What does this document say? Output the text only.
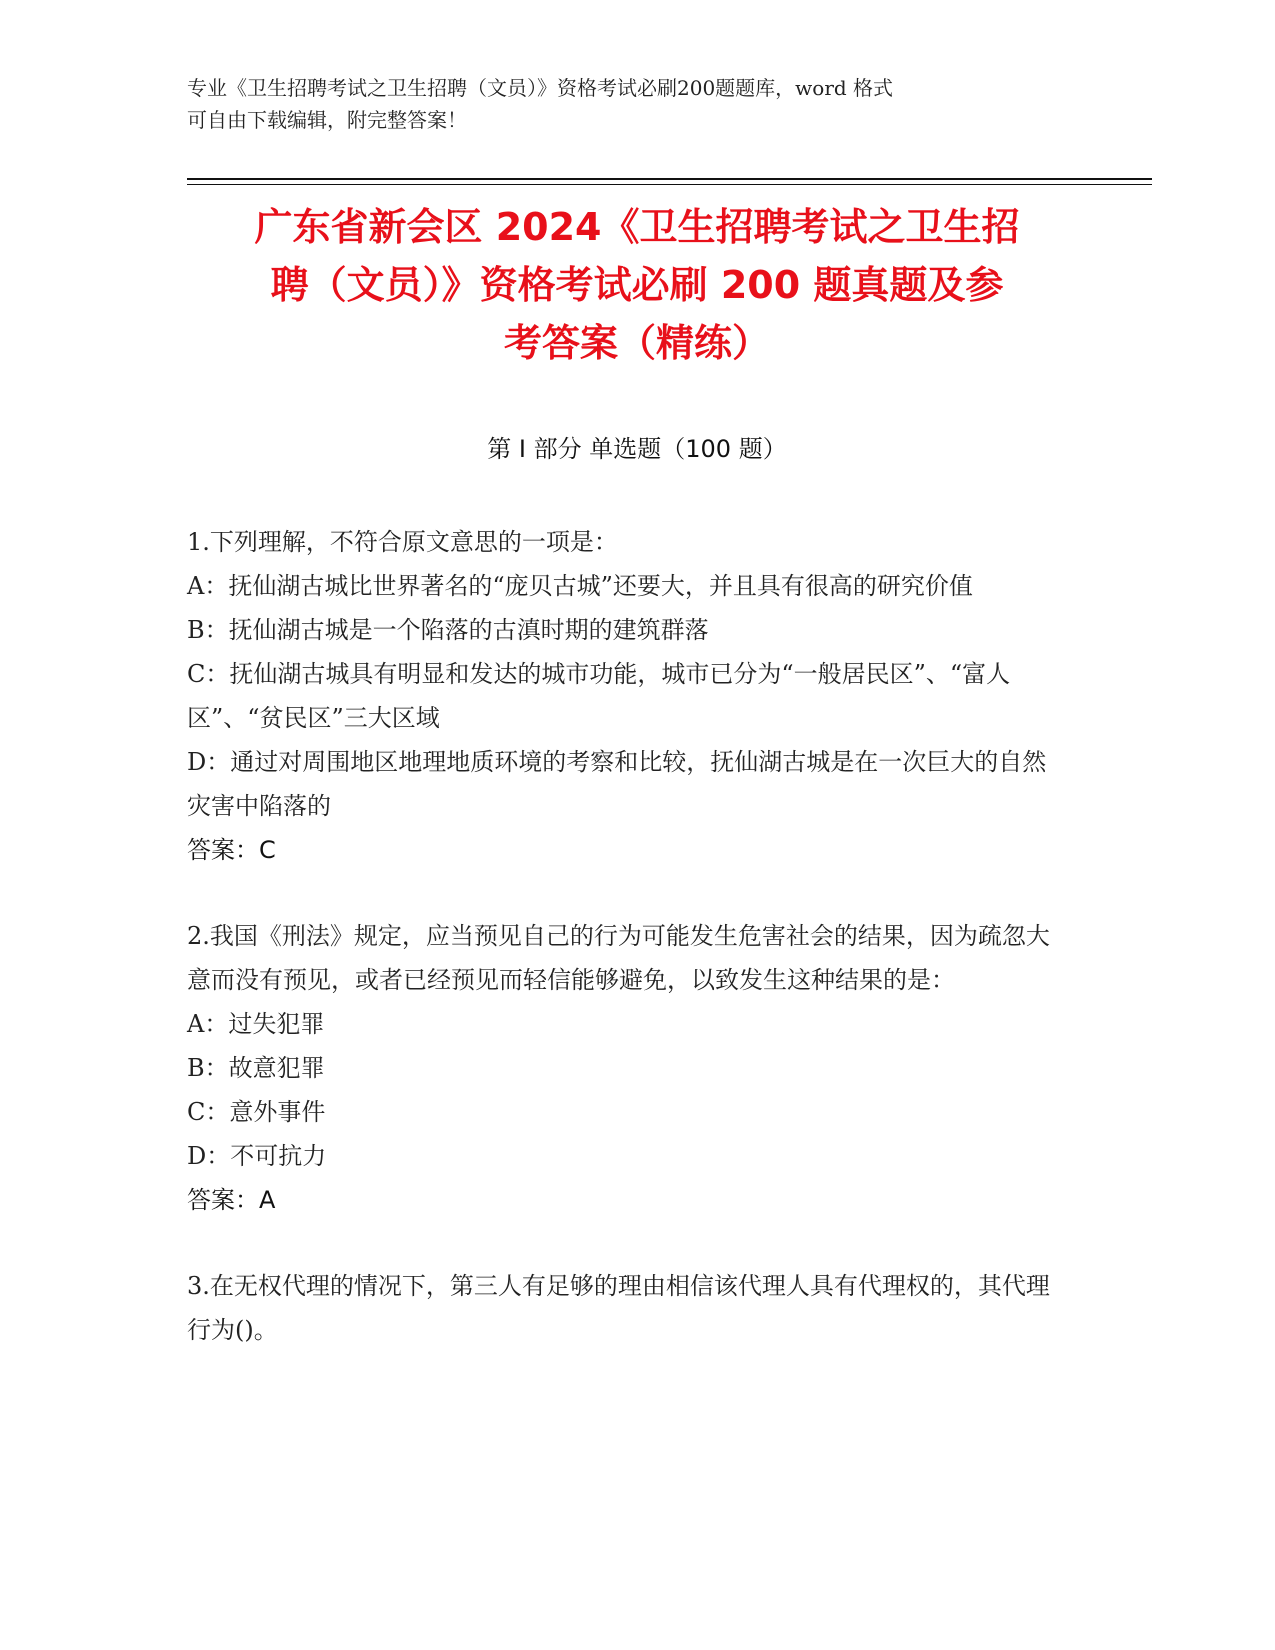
专业《卫生招聘考试之卫生招聘（文员）》资格考试必刷200题题库，word 格式
可自由下载编辑，附完整答案！
广东省新会区 2024《卫生招聘考试之卫生招
聘（文员）》资格考试必刷 200 题真题及参
考答案（精练）
第 I 部分 单选题（100 题）

1.下列理解，不符合原文意思的一项是：

A：抚仙湖古城比世界著名的“庞贝古城”还要大，并且具有很高的研究价值

B：抚仙湖古城是一个陷落的古滇时期的建筑群落

C：抚仙湖古城具有明显和发达的城市功能，城市已分为“一般居民区”、“富人区”、“贫民区”三大区域

D：通过对周围地区地理地质环境的考察和比较，抚仙湖古城是在一次巨大的自然灾害中陷落的

答案：C

2.我国《刑法》规定，应当预见自己的行为可能发生危害社会的结果，因为疏忽大意而没有预见，或者已经预见而轻信能够避免，以致发生这种结果的是：

A：过失犯罪

B：故意犯罪

C：意外事件

D：不可抗力

答案：A

3.在无权代理的情况下，第三人有足够的理由相信该代理人具有代理权的，其代理行为()。
